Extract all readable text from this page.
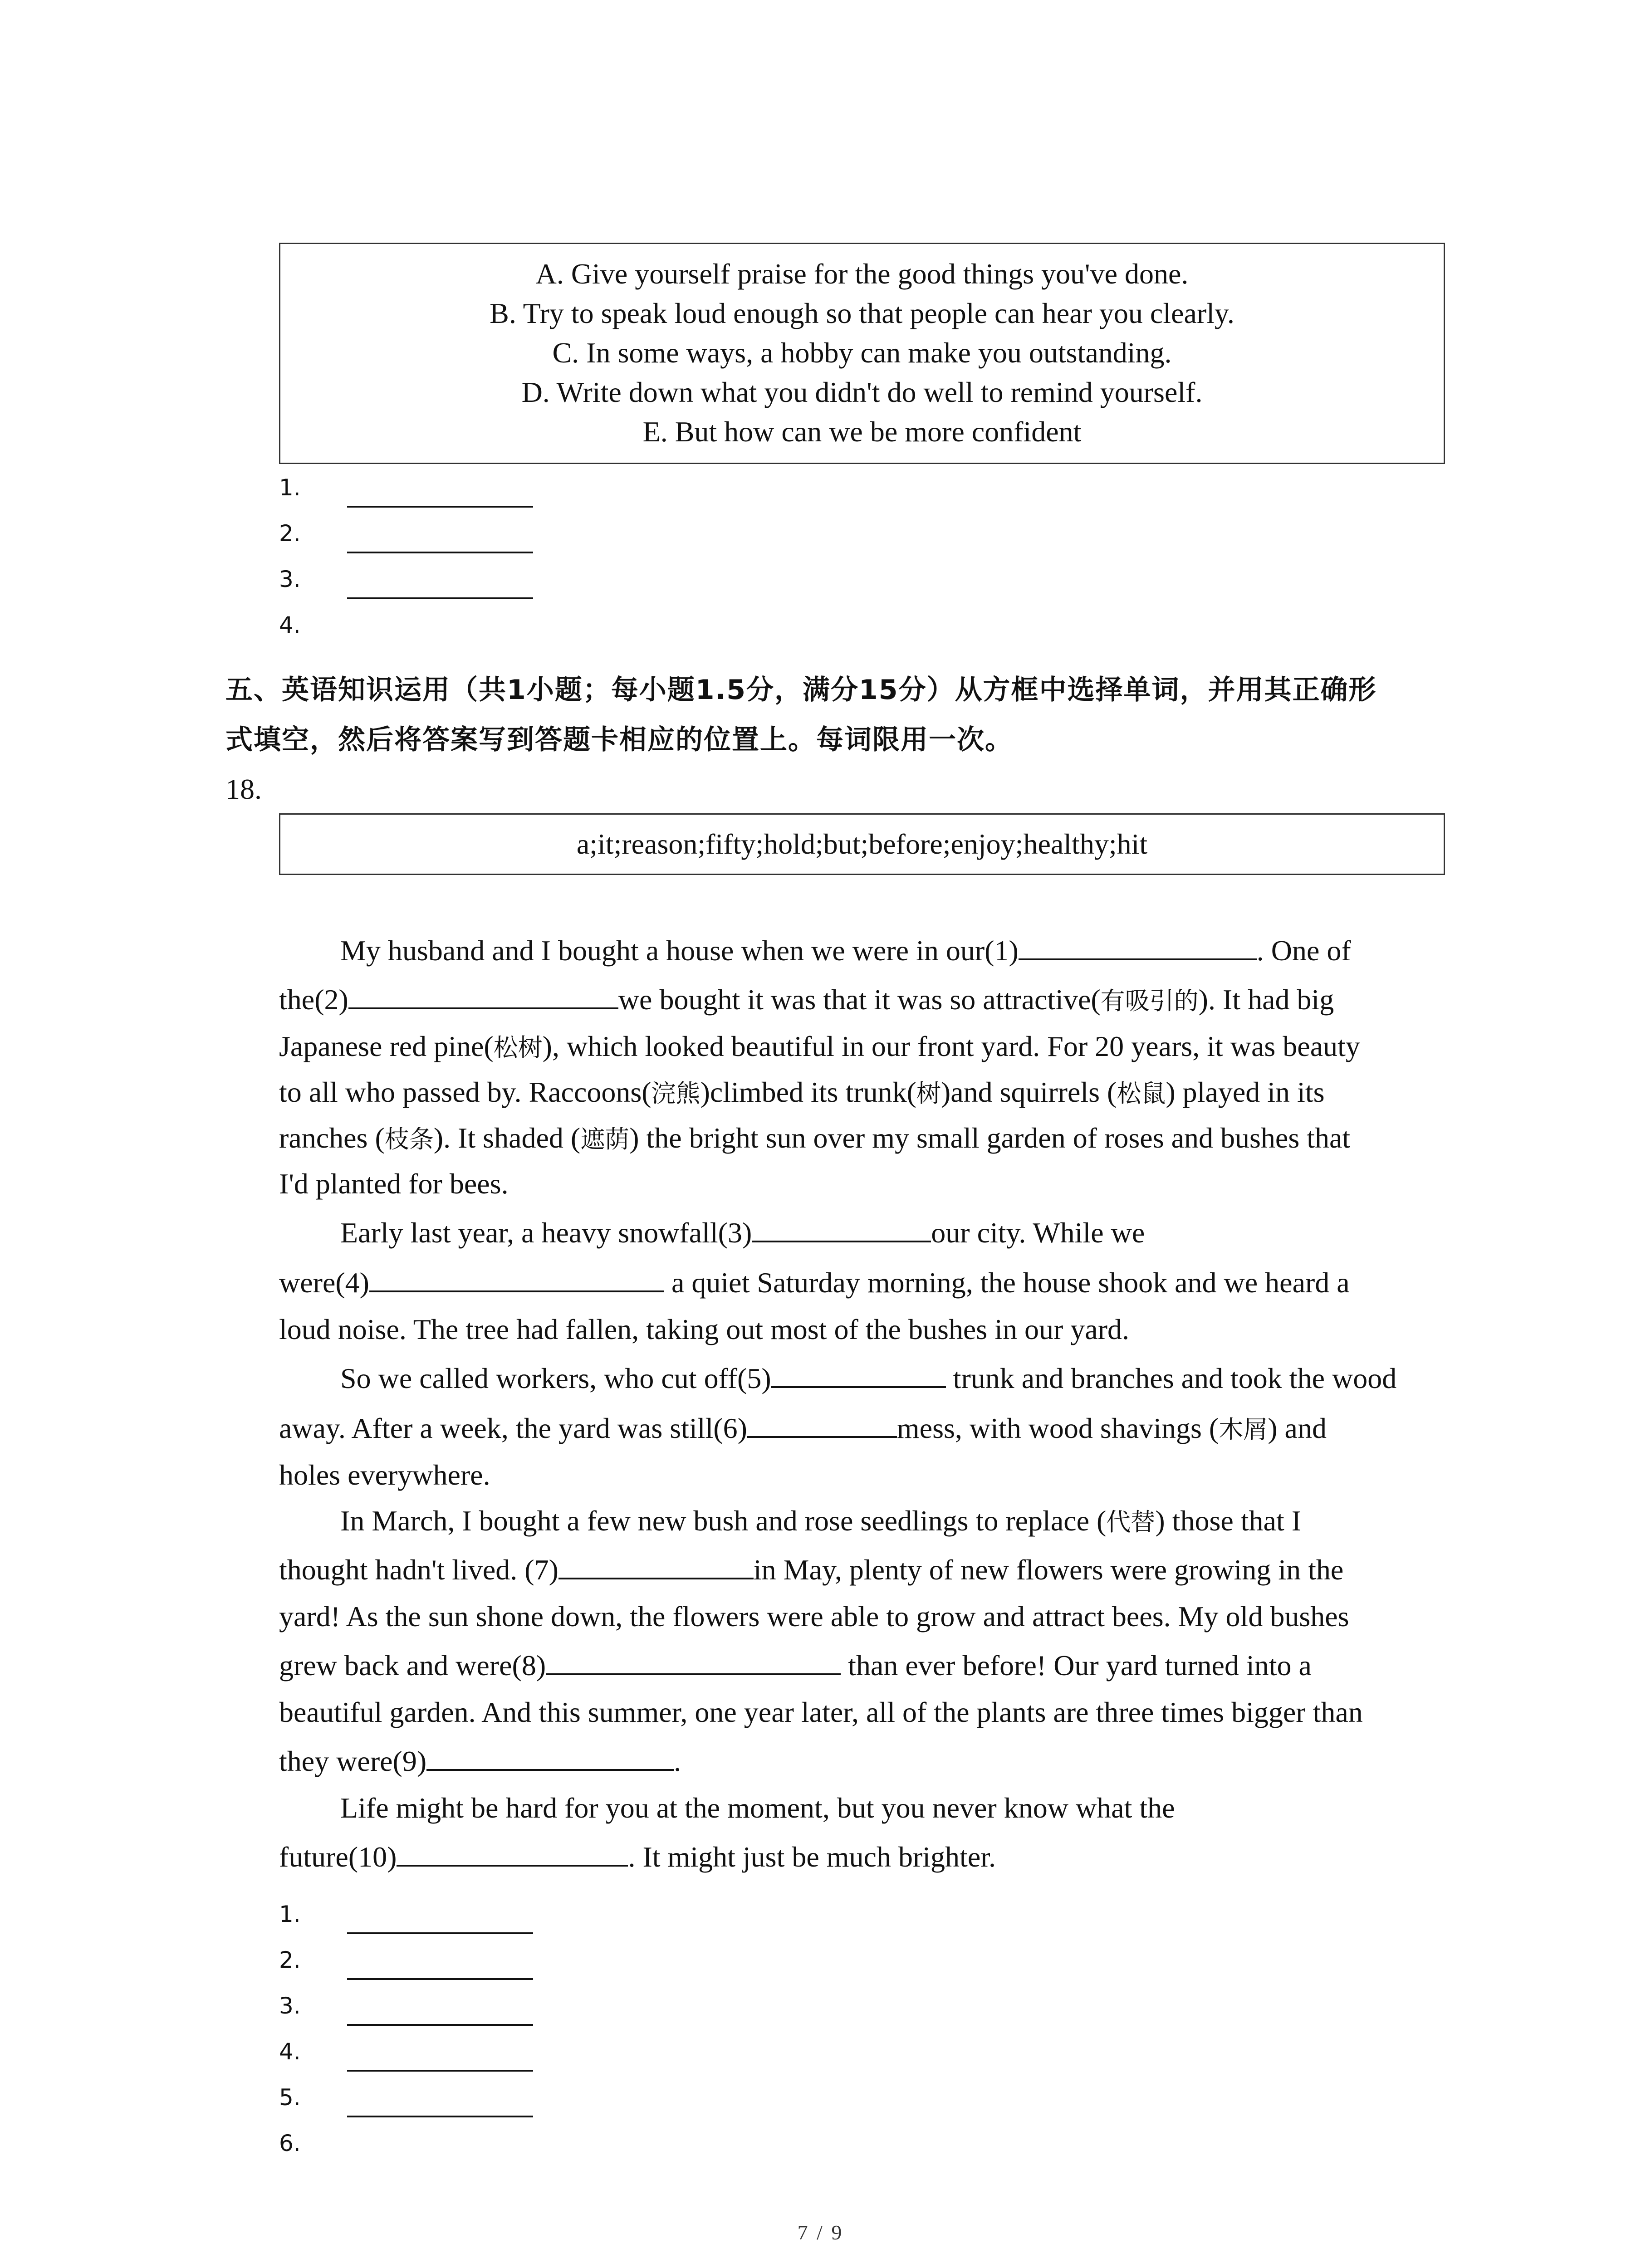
A. Give yourself praise for the good things you've done.
B. Try to speak loud enough so that people can hear you clearly.
C. In some ways, a hobby can make you outstanding.
D. Write down what you didn't do well to remind yourself.
E. But how can we be more confident
1.
2.
3.
4.
五、英语知识运用（共1小题；每小题1.5分，满分15分）从方框中选择单词，并用其正确形
式填空，然后将答案写到答题卡相应的位置上。每词限用一次。
18.
a;it;reason;fifty;hold;but;before;enjoy;healthy;hit
My husband and I bought a house when we were in our(1)	. One of
the(2)	we bought it was that it was so attractive(有吸引的). It had big
Japanese red pine(松树), which looked beautiful in our front yard. For 20 years, it was beauty
to all who passed by. Raccoons(浣熊)climbed its trunk(树)and squirrels (松鼠) played in its
ranches (枝条). It shaded (遮荫) the bright sun over my small garden of roses and bushes that
I'd planted for bees.
Early last year, a heavy snowfall(3)	our city. While we
were(4)	a quiet Saturday morning, the house shook and we heard a
loud noise. The tree had fallen, taking out most of the bushes in our yard.
So we called workers, who cut off(5)	trunk and branches and took the wood
away. After a week, the yard was still(6)	mess, with wood shavings (木屑) and
holes everywhere.
In March, I bought a few new bush and rose seedlings to replace (代替) those that I
thought hadn't lived. (7)	in May, plenty of new flowers were growing in the
yard! As the sun shone down, the flowers were able to grow and attract bees. My old bushes
grew back and were(8)	than ever before! Our yard turned into a
beautiful garden. And this summer, one year later, all of the plants are three times bigger than
they were(9)	.
Life might be hard for you at the moment, but you never know what the
future(10)	. It might just be much brighter.
1.
2.
3.
4.
5.
6.
7 / 9
